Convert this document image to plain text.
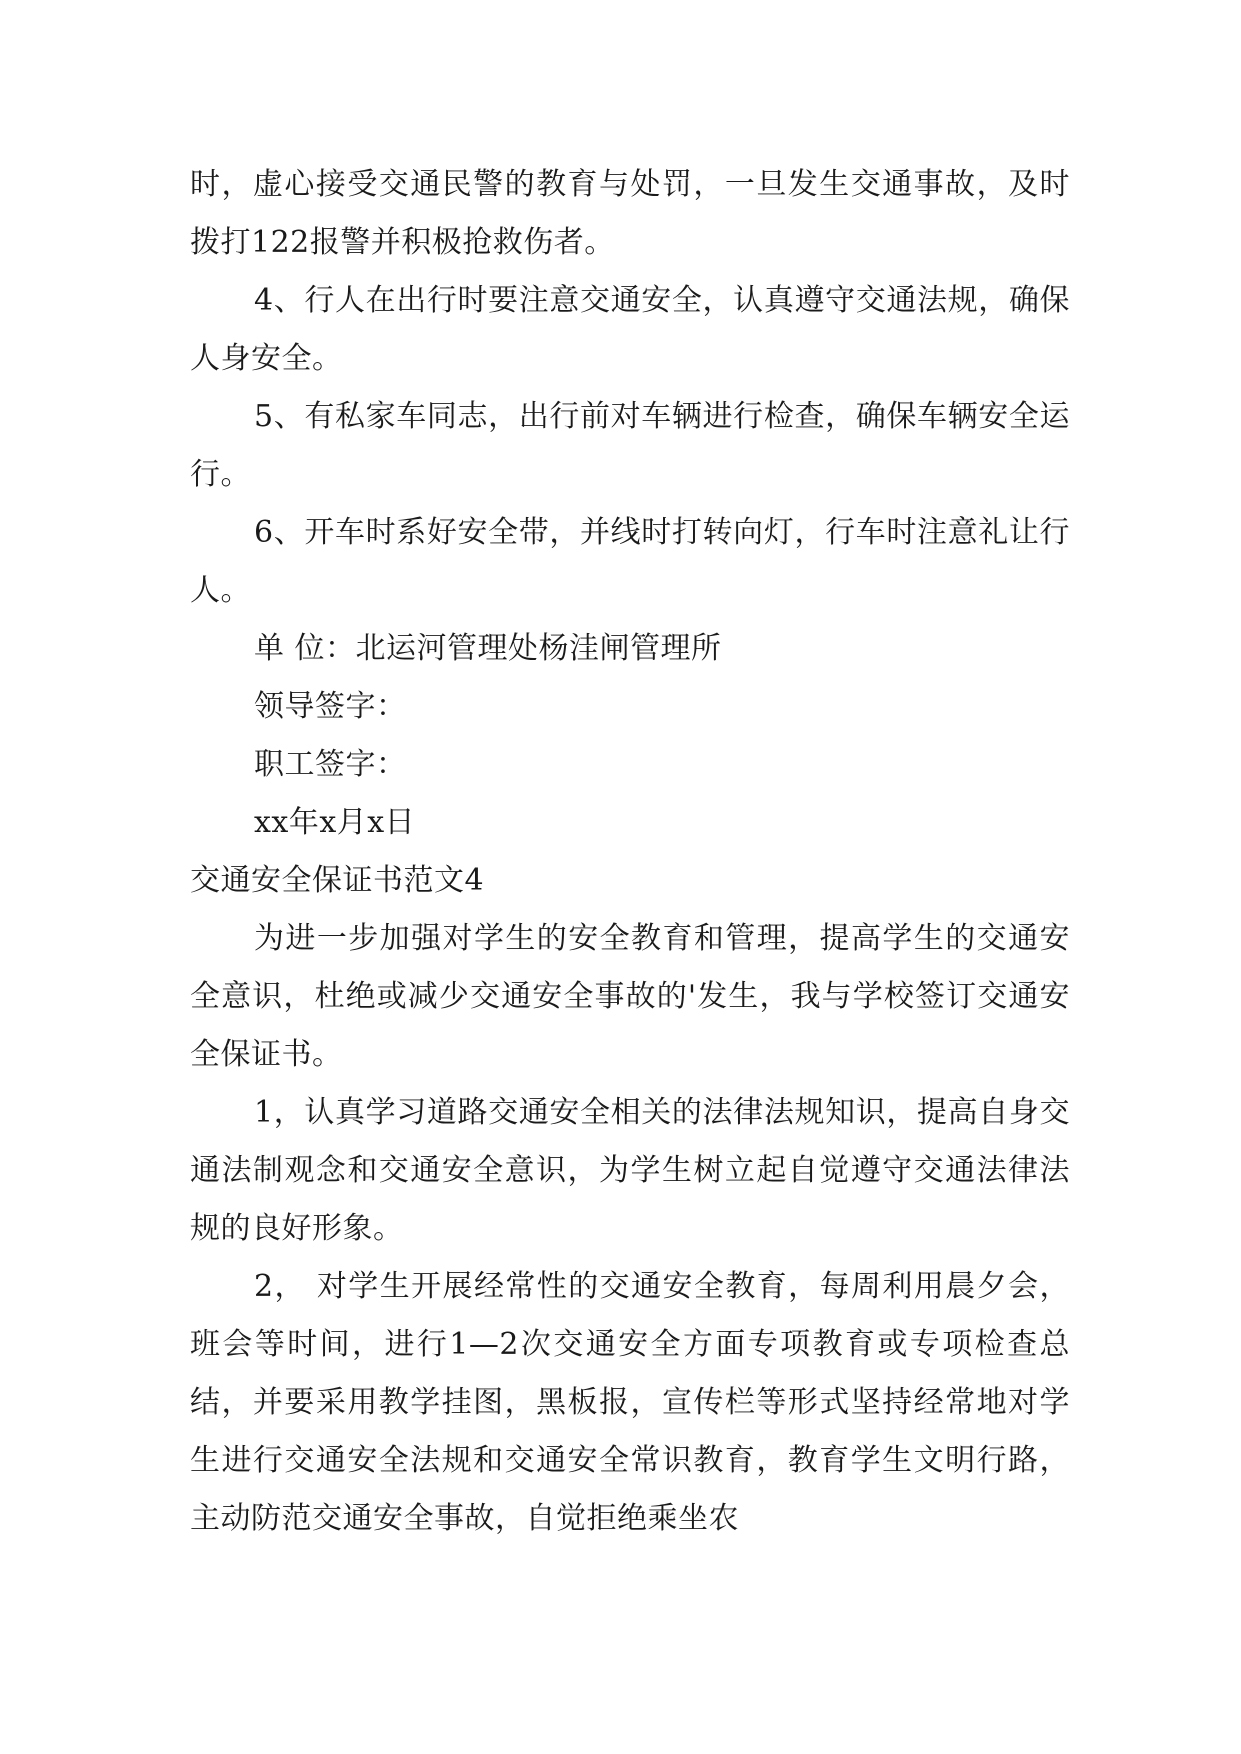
时，虚心接受交通民警的教育与处罚，一旦发生交通事故，及时拨打122报警并积极抢救伤者。

4、行人在出行时要注意交通安全，认真遵守交通法规，确保人身安全。

5、有私家车同志，出行前对车辆进行检查，确保车辆安全运行。

6、开车时系好安全带，并线时打转向灯，行车时注意礼让行人。

单 位：北运河管理处杨洼闸管理所

领导签字：

职工签字：

xx年x月x日

交通安全保证书范文4

为进一步加强对学生的安全教育和管理，提高学生的交通安全意识，杜绝或减少交通安全事故的'发生，我与学校签订交通安全保证书。

1，认真学习道路交通安全相关的法律法规知识，提高自身交通法制观念和交通安全意识，为学生树立起自觉遵守交通法律法规的良好形象。

2， 对学生开展经常性的交通安全教育，每周利用晨夕会，班会等时间，进行1—2次交通安全方面专项教育或专项检查总结，并要采用教学挂图，黑板报，宣传栏等形式坚持经常地对学生进行交通安全法规和交通安全常识教育，教育学生文明行路，主动防范交通安全事故，自觉拒绝乘坐农
